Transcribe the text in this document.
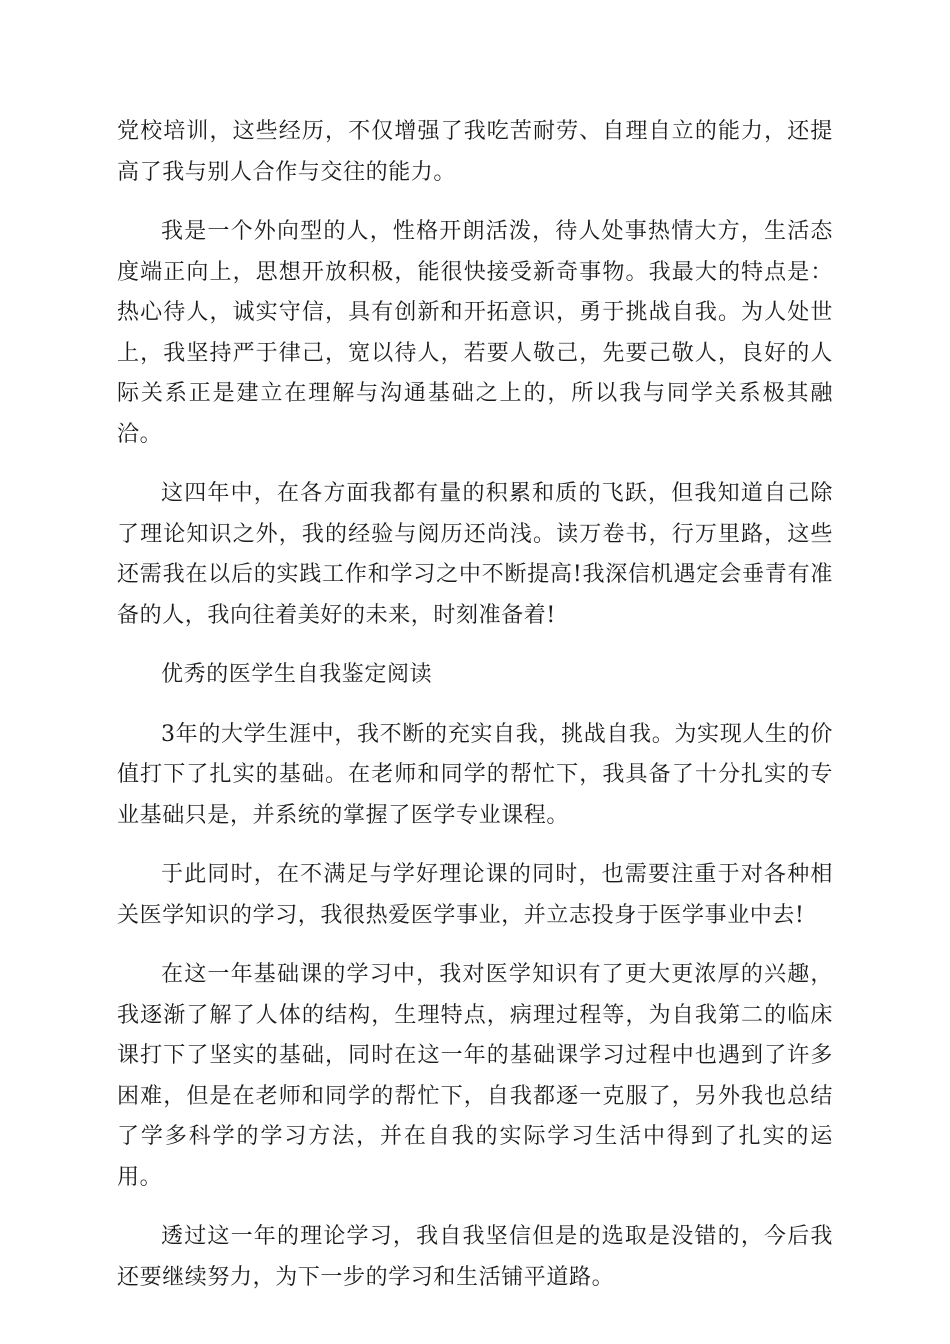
党校培训，这些经历，不仅增强了我吃苦耐劳、自理自立的能力，还提高了我与别人合作与交往的能力。

我是一个外向型的人，性格开朗活泼，待人处事热情大方，生活态度端正向上，思想开放积极，能很快接受新奇事物。我最大的特点是：热心待人，诚实守信，具有创新和开拓意识，勇于挑战自我。为人处世上，我坚持严于律己，宽以待人，若要人敬己，先要己敬人，良好的人际关系正是建立在理解与沟通基础之上的，所以我与同学关系极其融洽。

这四年中，在各方面我都有量的积累和质的飞跃，但我知道自己除了理论知识之外，我的经验与阅历还尚浅。读万卷书，行万里路，这些还需我在以后的实践工作和学习之中不断提高!我深信机遇定会垂青有准备的人，我向往着美好的未来，时刻准备着!

优秀的医学生自我鉴定阅读

3年的大学生涯中，我不断的充实自我，挑战自我。为实现人生的价值打下了扎实的基础。在老师和同学的帮忙下，我具备了十分扎实的专业基础只是，并系统的掌握了医学专业课程。

于此同时，在不满足与学好理论课的同时，也需要注重于对各种相关医学知识的学习，我很热爱医学事业，并立志投身于医学事业中去!

在这一年基础课的学习中，我对医学知识有了更大更浓厚的兴趣，我逐渐了解了人体的结构，生理特点，病理过程等，为自我第二的临床课打下了坚实的基础，同时在这一年的基础课学习过程中也遇到了许多困难，但是在老师和同学的帮忙下，自我都逐一克服了，另外我也总结了学多科学的学习方法，并在自我的实际学习生活中得到了扎实的运用。

透过这一年的理论学习，我自我坚信但是的选取是没错的，今后我还要继续努力，为下一步的学习和生活铺平道路。
